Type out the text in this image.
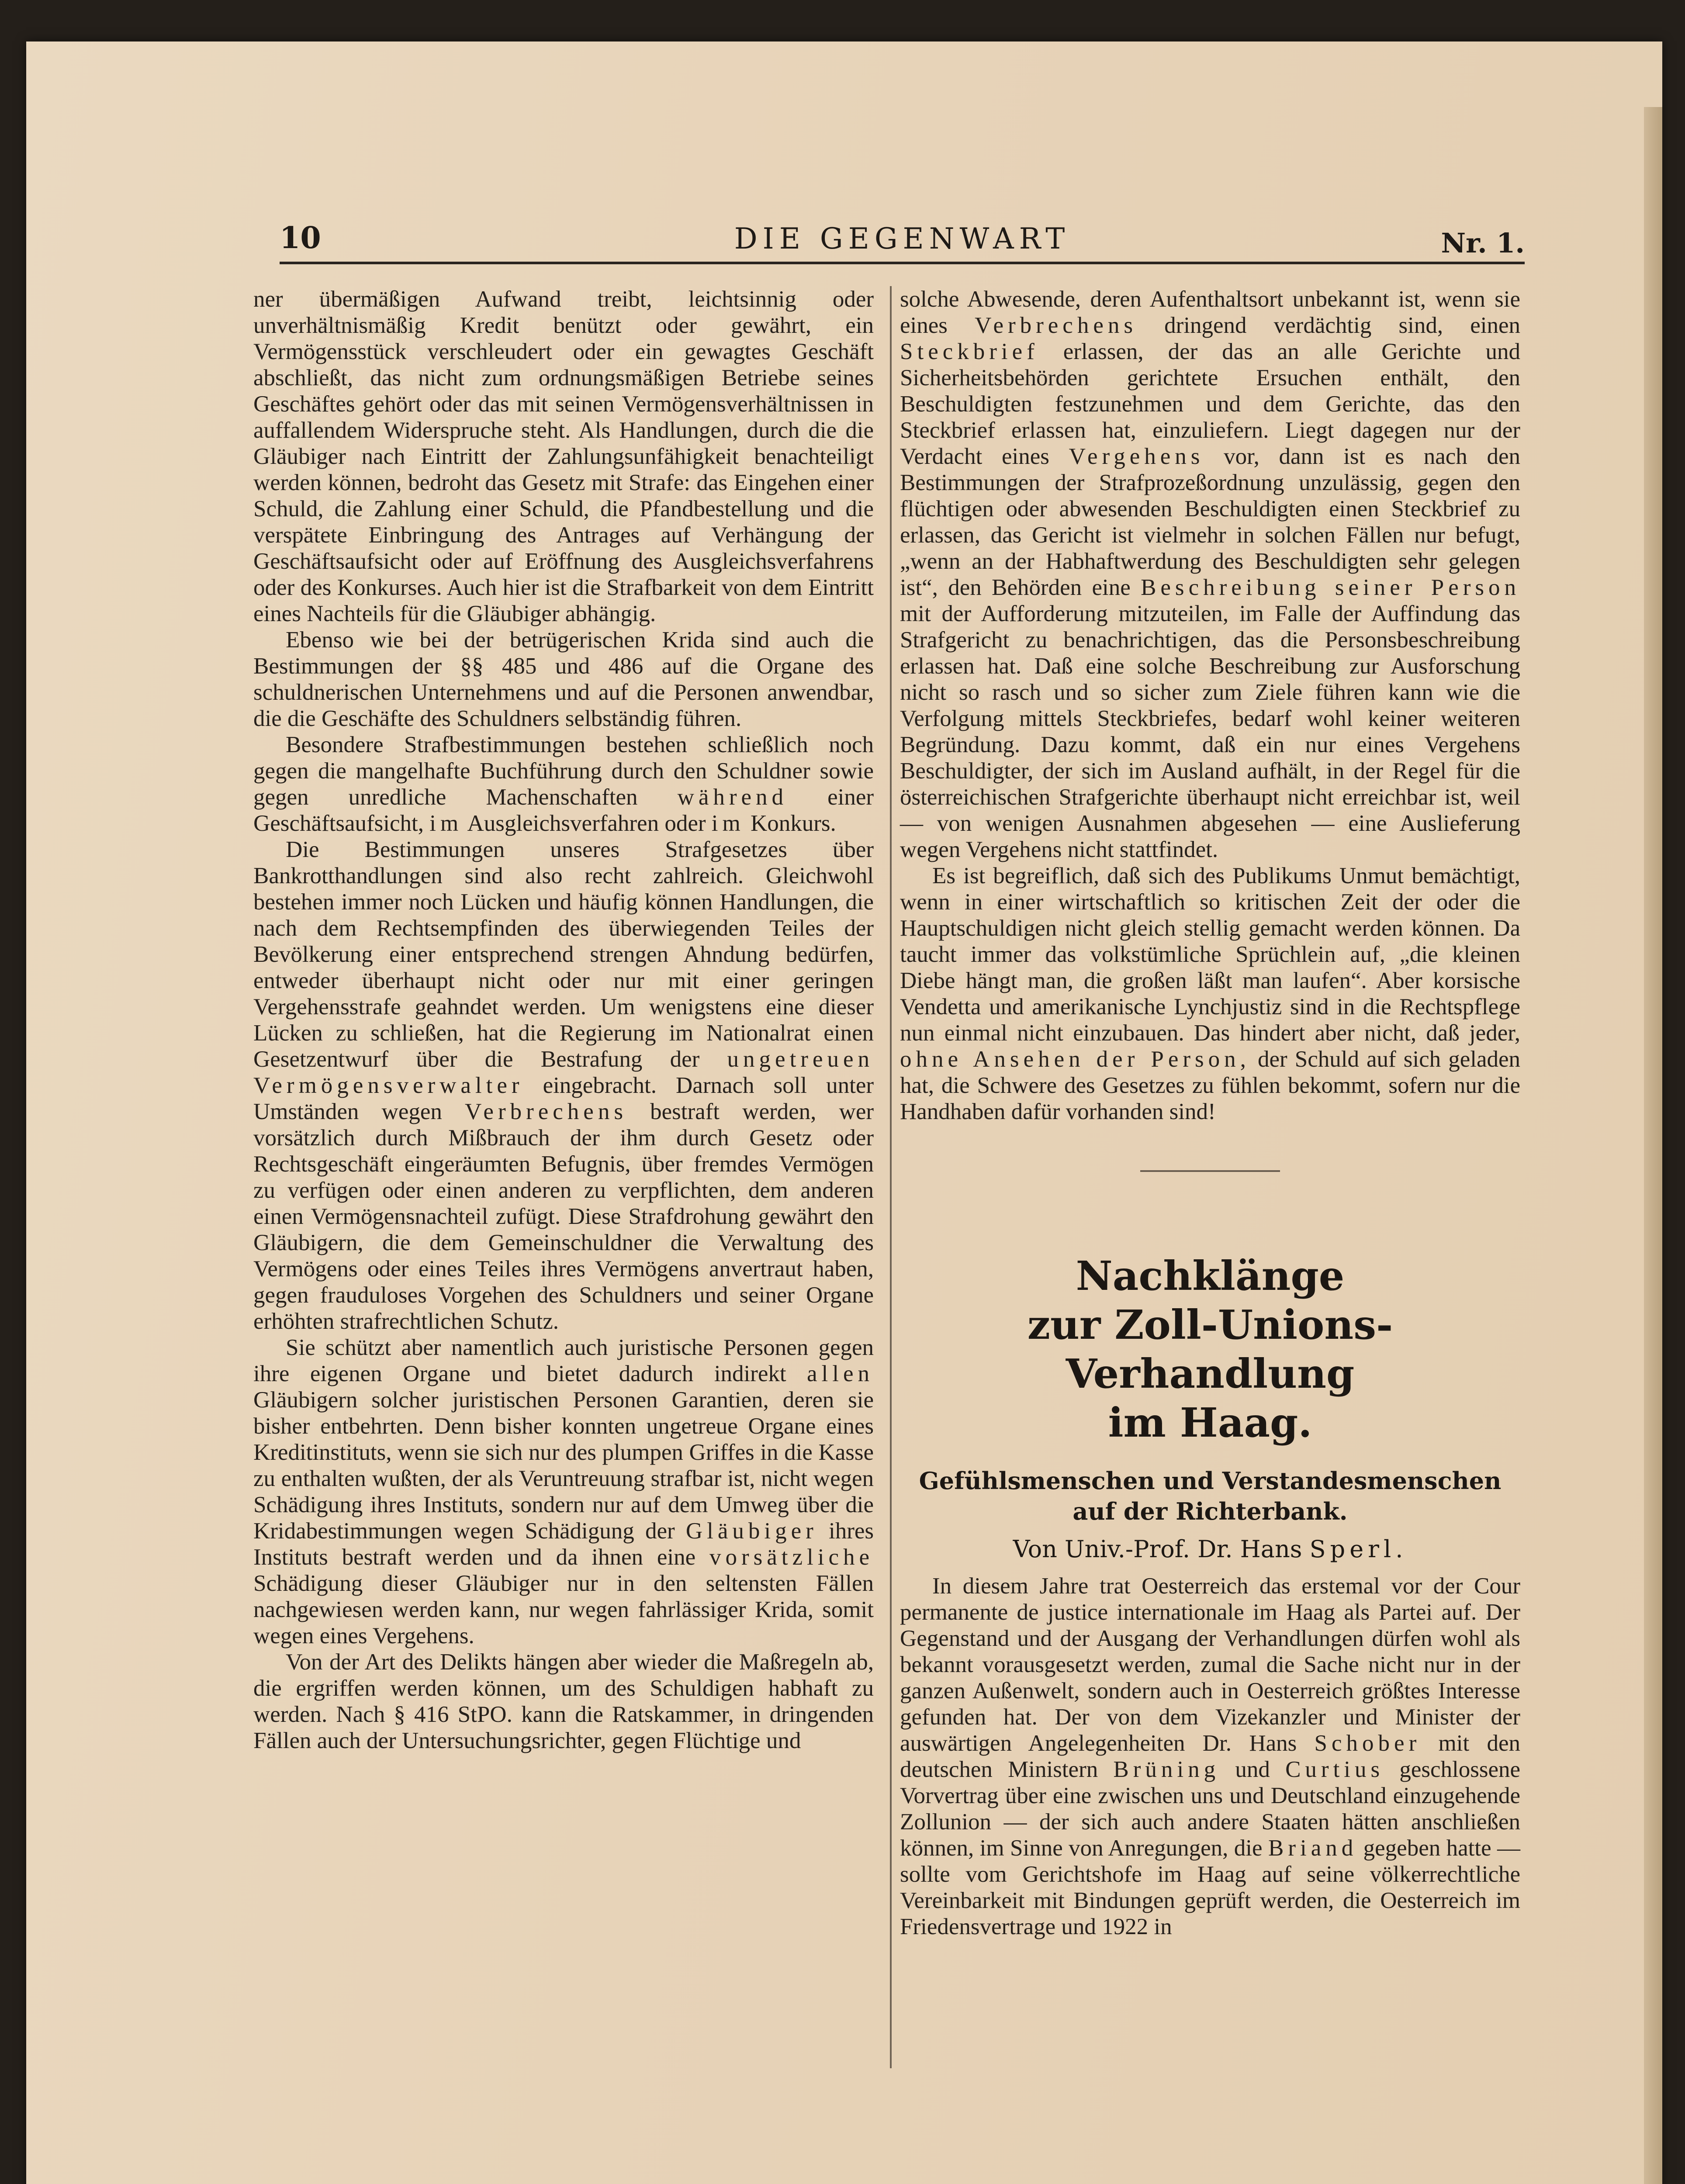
10	DIE GEGENWART	Nr. 1.

ner übermäßigen Aufwand treibt, leichtsinnig oder unverhältnismäßig Kredit benützt oder gewährt, ein Vermögensstück verschleudert oder ein gewagtes Geschäft abschließt, das nicht zum ordnungsmäßigen Betriebe seines Geschäftes gehört oder das mit seinen Vermögensverhältnissen in auffallendem Widerspruche steht. Als Handlungen, durch die die Gläubiger nach Eintritt der Zahlungsunfähigkeit benachteiligt werden können, bedroht das Gesetz mit Strafe: das Eingehen einer Schuld, die Zahlung einer Schuld, die Pfandbestellung und die verspätete Einbringung des Antrages auf Verhängung der Geschäftsaufsicht oder auf Eröffnung des Ausgleichsverfahrens oder des Konkurses. Auch hier ist die Strafbarkeit von dem Eintritt eines Nachteils für die Gläubiger abhängig.

Ebenso wie bei der betrügerischen Krida sind auch die Bestimmungen der §§ 485 und 486 auf die Organe des schuldnerischen Unternehmens und auf die Personen anwendbar, die die Geschäfte des Schuldners selbständig führen.

Besondere Strafbestimmungen bestehen schließlich noch gegen die mangelhafte Buchführung durch den Schuldner sowie gegen unredliche Machenschaften während einer Geschäftsaufsicht, im Ausgleichsverfahren oder im Konkurs.

Die Bestimmungen unseres Strafgesetzes über Bankrotthandlungen sind also recht zahlreich. Gleichwohl bestehen immer noch Lücken und häufig können Handlungen, die nach dem Rechtsempfinden des überwiegenden Teiles der Bevölkerung einer entsprechend strengen Ahndung bedürfen, entweder überhaupt nicht oder nur mit einer geringen Vergehensstrafe geahndet werden. Um wenigstens eine dieser Lücken zu schließen, hat die Regierung im Nationalrat einen Gesetzentwurf über die Bestrafung der ungetreuen Vermögensverwalter eingebracht. Darnach soll unter Umständen wegen Verbrechens bestraft werden, wer vorsätzlich durch Mißbrauch der ihm durch Gesetz oder Rechtsgeschäft eingeräumten Befugnis, über fremdes Vermögen zu verfügen oder einen anderen zu verpflichten, dem anderen einen Vermögensnachteil zufügt. Diese Strafdrohung gewährt den Gläubigern, die dem Gemeinschuldner die Verwaltung des Vermögens oder eines Teiles ihres Vermögens anvertraut haben, gegen frauduloses Vorgehen des Schuldners und seiner Organe erhöhten strafrechtlichen Schutz.

Sie schützt aber namentlich auch juristische Personen gegen ihre eigenen Organe und bietet dadurch indirekt allen Gläubigern solcher juristischen Personen Garantien, deren sie bisher entbehrten. Denn bisher konnten ungetreue Organe eines Kreditinstituts, wenn sie sich nur des plumpen Griffes in die Kasse zu enthalten wußten, der als Veruntreuung strafbar ist, nicht wegen Schädigung ihres Instituts, sondern nur auf dem Umweg über die Kridabestimmungen wegen Schädigung der Gläubiger ihres Instituts bestraft werden und da ihnen eine vorsätzliche Schädigung dieser Gläubiger nur in den seltensten Fällen nachgewiesen werden kann, nur wegen fahrlässiger Krida, somit wegen eines Vergehens.

Von der Art des Delikts hängen aber wieder die Maßregeln ab, die ergriffen werden können, um des Schuldigen habhaft zu werden. Nach § 416 StPO. kann die Ratskammer, in dringenden Fällen auch der Untersuchungsrichter, gegen Flüchtige und

solche Abwesende, deren Aufenthaltsort unbekannt ist, wenn sie eines Verbrechens dringend verdächtig sind, einen Steckbrief erlassen, der das an alle Gerichte und Sicherheitsbehörden gerichtete Ersuchen enthält, den Beschuldigten festzunehmen und dem Gerichte, das den Steckbrief erlassen hat, einzuliefern. Liegt dagegen nur der Verdacht eines Vergehens vor, dann ist es nach den Bestimmungen der Strafprozeßordnung unzulässig, gegen den flüchtigen oder abwesenden Beschuldigten einen Steckbrief zu erlassen, das Gericht ist vielmehr in solchen Fällen nur befugt, „wenn an der Habhaftwerdung des Beschuldigten sehr gelegen ist“, den Behörden eine Beschreibung seiner Person mit der Aufforderung mitzuteilen, im Falle der Auffindung das Strafgericht zu benachrichtigen, das die Personsbeschreibung erlassen hat. Daß eine solche Beschreibung zur Ausforschung nicht so rasch und so sicher zum Ziele führen kann wie die Verfolgung mittels Steckbriefes, bedarf wohl keiner weiteren Begründung. Dazu kommt, daß ein nur eines Vergehens Beschuldigter, der sich im Ausland aufhält, in der Regel für die österreichischen Strafgerichte überhaupt nicht erreichbar ist, weil — von wenigen Ausnahmen abgesehen — eine Auslieferung wegen Vergehens nicht stattfindet.

Es ist begreiflich, daß sich des Publikums Unmut bemächtigt, wenn in einer wirtschaftlich so kritischen Zeit der oder die Hauptschuldigen nicht gleich stellig gemacht werden können. Da taucht immer das volkstümliche Sprüchlein auf, „die kleinen Diebe hängt man, die großen läßt man laufen“. Aber korsische Vendetta und amerikanische Lynchjustiz sind in die Rechtspflege nun einmal nicht einzubauen. Das hindert aber nicht, daß jeder, ohne Ansehen der Person, der Schuld auf sich geladen hat, die Schwere des Gesetzes zu fühlen bekommt, sofern nur die Handhaben dafür vorhanden sind!

Nachklänge
zur Zoll-Unions-Verhandlung
im Haag.
Gefühlsmenschen und Verstandesmenschen auf der Richterbank.
Von Univ.-Prof. Dr. Hans Sperl.

In diesem Jahre trat Oesterreich das erstemal vor der Cour permanente de justice internationale im Haag als Partei auf. Der Gegenstand und der Ausgang der Verhandlungen dürfen wohl als bekannt vorausgesetzt werden, zumal die Sache nicht nur in der ganzen Außenwelt, sondern auch in Oesterreich größtes Interesse gefunden hat. Der von dem Vizekanzler und Minister der auswärtigen Angelegenheiten Dr. Hans Schober mit den deutschen Ministern Brüning und Curtius geschlossene Vorvertrag über eine zwischen uns und Deutschland einzugehende Zollunion — der sich auch andere Staaten hätten anschließen können, im Sinne von Anregungen, die Briand gegeben hatte — sollte vom Gerichtshofe im Haag auf seine völkerrechtliche Vereinbarkeit mit Bindungen geprüft werden, die Oesterreich im Friedensvertrage und 1922 in
